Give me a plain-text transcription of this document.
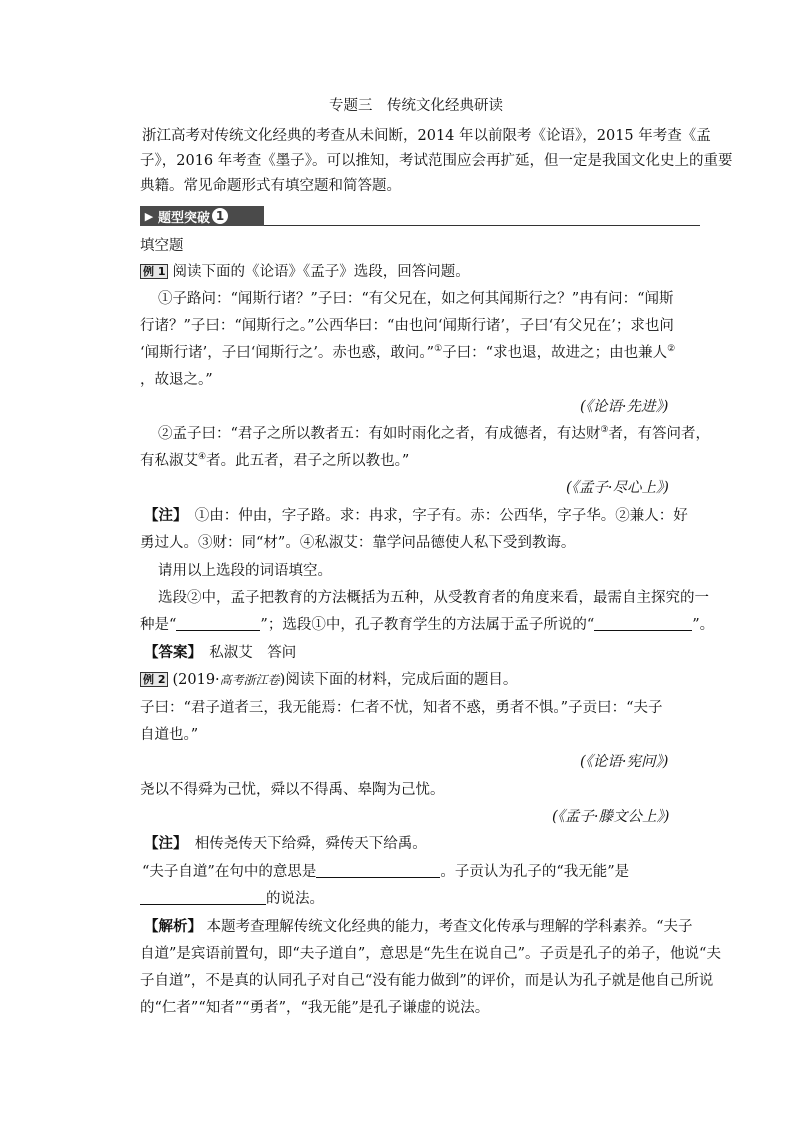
专题三　传统文化经典研读
浙江高考对传统文化经典的考查从未间断，2014 年以前限考《论语》，2015 年考查《孟
子》，2016 年考查《墨子》。可以推知，考试范围应会再扩延，但一定是我国文化史上的重要
典籍。常见命题形式有填空题和简答题。
▶ 题型突破 1
填空题
例 1 阅读下面的《论语》《孟子》选段，回答问题。
①子路问：“闻斯行诸？”子曰：“有父兄在，如之何其闻斯行之？”冉有问：“闻斯
行诸？”子曰：“闻斯行之。”公西华曰：“由也问‘闻斯行诸’，子曰‘有父兄在’；求也问
‘闻斯行诸’，子曰‘闻斯行之’。赤也惑，敢问。”①子曰：“求也退，故进之；由也兼人②
，故退之。”
(《论语·先进》)
②孟子曰：“君子之所以教者五：有如时雨化之者，有成德者，有达财③者，有答问者，
有私淑艾④者。此五者，君子之所以教也。”
(《孟子·尽心上》)
【注】　 ①由：仲由，字子路。求：冉求，字子有。赤：公西华，字子华。②兼人：好
勇过人。③财：同“材”。④私淑艾：靠学问品德使人私下受到教诲。
请用以上选段的词语填空。
选段②中，孟子把教育的方法概括为五种，从受教育者的角度来看，最需自主探究的一
种是“	”；选段①中，孔子教育学生的方法属于孟子所说的“	”。
【答案】　 私淑艾　答问
例 2 (2019·高考浙江卷)阅读下面的材料，完成后面的题目。
子曰：“君子道者三，我无能焉：仁者不忧，知者不惑，勇者不惧。”子贡曰：“夫子
自道也。”
(《论语·宪问》)
尧以不得舜为己忧，舜以不得禹、皋陶为己忧。
(《孟子·滕文公上》)
【注】　 相传尧传天下给舜，舜传天下给禹。
“夫子自道”在句中的意思是	。子贡认为孔子的“我无能”是
的说法。
【解析】 本题考查理解传统文化经典的能力，考查文化传承与理解的学科素养。“夫子
自道”是宾语前置句，即“夫子道自”，意思是“先生在说自己”。子贡是孔子的弟子，他说“夫
子自道”，不是真的认同孔子对自己“没有能力做到”的评价，而是认为孔子就是他自己所说
的“仁者”“知者”“勇者”，“我无能”是孔子谦虚的说法。
